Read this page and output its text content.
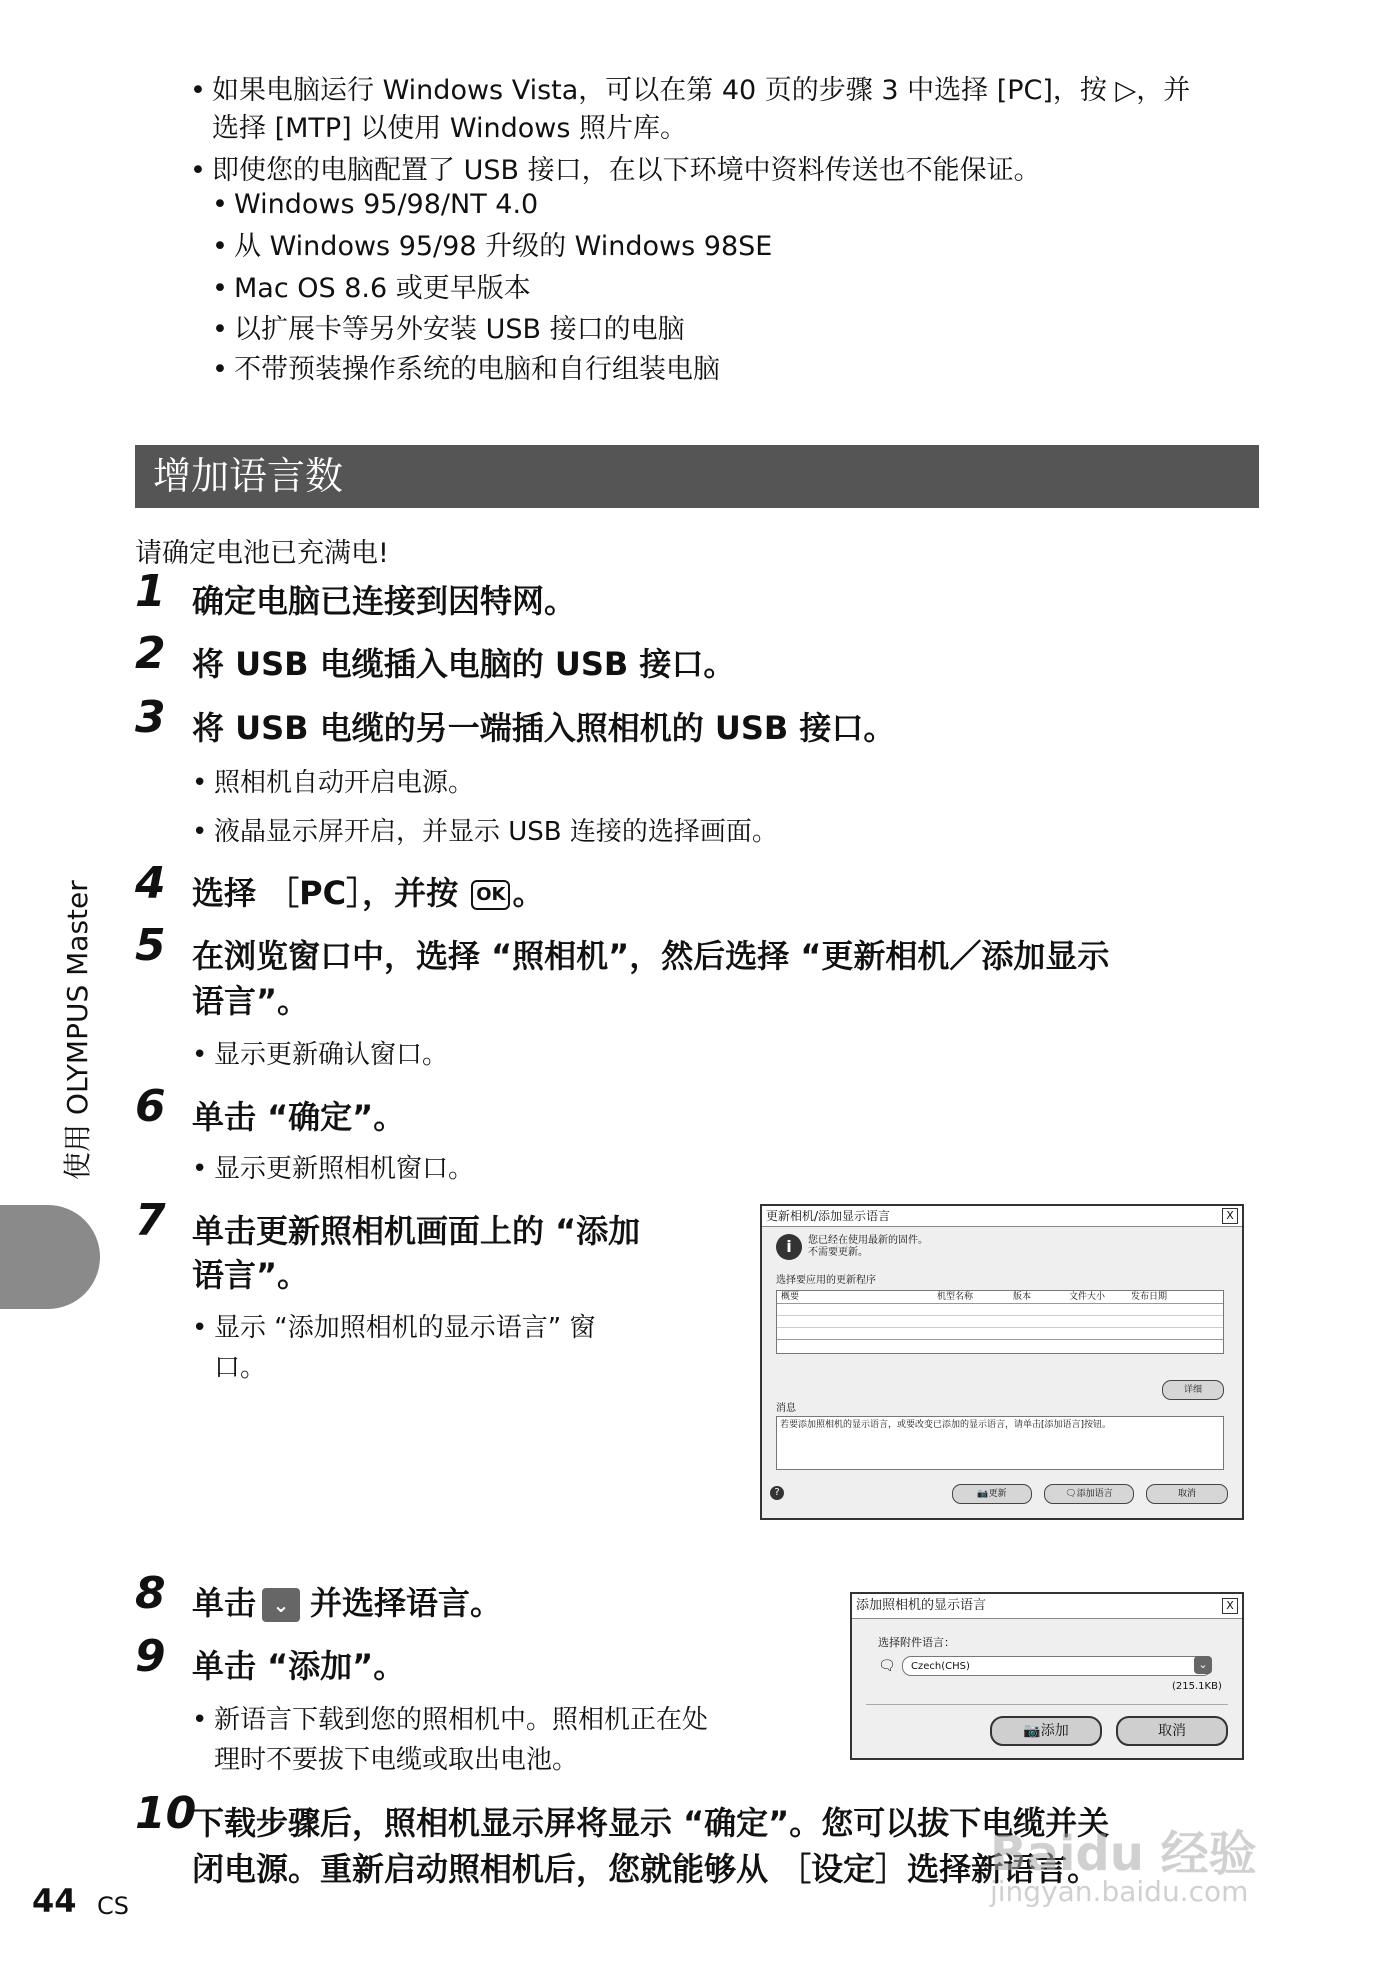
• 如果电脑运行 Windows Vista，可以在第 40 页的步骤 3 中选择 [PC]，按 ▷，并
选择 [MTP] 以使用 Windows 照片库。
• 即使您的电脑配置了 USB 接口，在以下环境中资料传送也不能保证。
• Windows 95/98/NT 4.0
• 从 Windows 95/98 升级的 Windows 98SE
• Mac OS 8.6 或更早版本
• 以扩展卡等另外安装 USB 接口的电脑
• 不带预装操作系统的电脑和自行组装电脑
增加语言数
请确定电池已充满电!
1 确定电脑已连接到因特网。
2 将 USB 电缆插入电脑的 USB 接口。
3 将 USB 电缆的另一端插入照相机的 USB 接口。
• 照相机自动开启电源。
• 液晶显示屏开启，并显示 USB 连接的选择画面。
4 选择 ［PC］，并按 OK 。
5 在浏览窗口中，选择 “照相机”，然后选择 “更新相机／添加显示
语言”。
• 显示更新确认窗口。
6 单击 “确定”。
• 显示更新照相机窗口。
7 单击更新照相机画面上的 “添加
语言”。
• 显示 “添加照相机的显示语言” 窗
口。
更新相机/添加显示语言	X
i	您已经在使用最新的固件。
不需要更新。
选择要应用的更新程序
概要	机型名称	版本	文件大小	发布日期
详细
消息
若要添加照相机的显示语言，或要改变已添加的显示语言，请单击[添加语言]按钮。
?	📷更新	🗨添加语言	取消
8 单击 ⌄ 并选择语言。
9 单击 “添加”。
• 新语言下载到您的照相机中。照相机正在处
理时不要拔下电缆或取出电池。
添加照相机的显示语言	X
选择附件语言：
🗨 Czech(CHS)	⌄
(215.1KB)
📷添加	取消
10
下载步骤后，照相机显示屏将显示 “确定”。您可以拔下电缆并关
闭电源。重新启动照相机后，您就能够从 ［设定］选择新语言。
使用 OLYMPUS Master
44 CS
Baidu 经验
jingyan.baidu.com
